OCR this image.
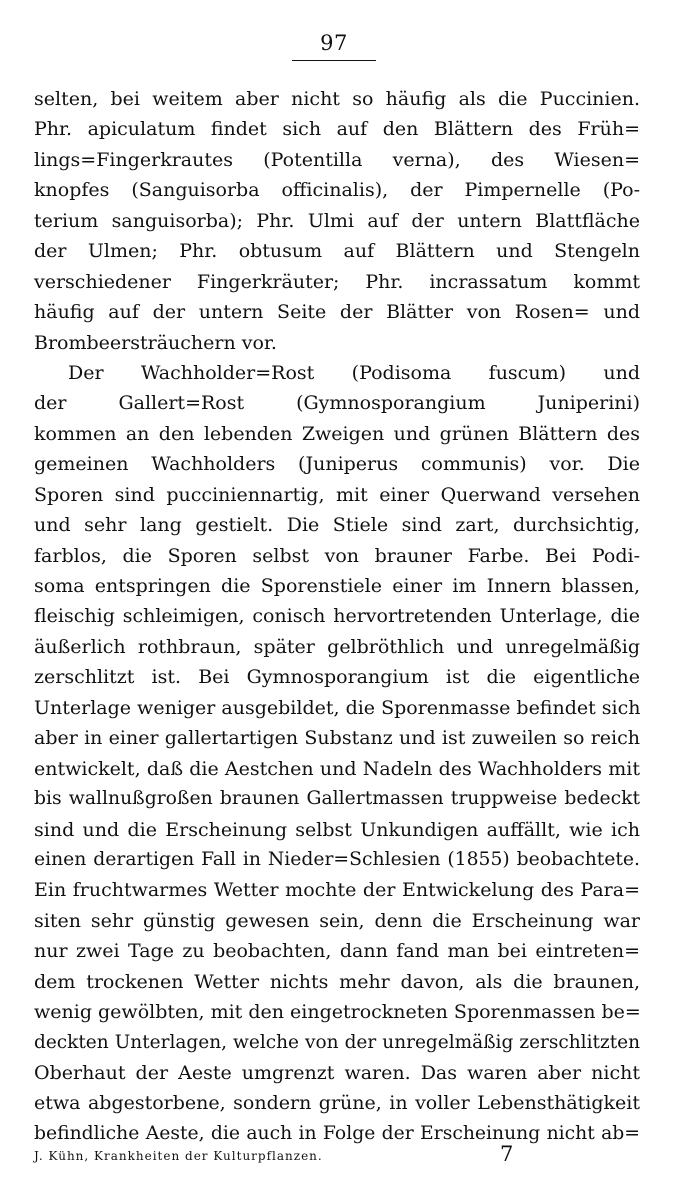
97
selten, bei weitem aber nicht so häufig als die Puccinien.
Phr. apiculatum findet sich auf den Blättern des Früh=
lings=Fingerkrautes (Potentilla verna), des Wiesen=
knopfes (Sanguisorba officinalis), der Pimpernelle (Po-
terium sanguisorba); Phr. Ulmi auf der untern Blattfläche
der Ulmen; Phr. obtusum auf Blättern und Stengeln
verschiedener Fingerkräuter; Phr. incrassatum kommt
häufig auf der untern Seite der Blätter von Rosen= und
Brombeersträuchern vor.
Der Wachholder=Rost (Podisoma fuscum) und
der Gallert=Rost (Gymnosporangium Juniperini)
kommen an den lebenden Zweigen und grünen Blättern des
gemeinen Wachholders (Juniperus communis) vor. Die
Sporen sind pucciniennartig, mit einer Querwand versehen
und sehr lang gestielt. Die Stiele sind zart, durchsichtig,
farblos, die Sporen selbst von brauner Farbe. Bei Podi-
soma entspringen die Sporenstiele einer im Innern blassen,
fleischig schleimigen, conisch hervortretenden Unterlage, die
äußerlich rothbraun, später gelbröthlich und unregelmäßig
zerschlitzt ist. Bei Gymnosporangium ist die eigentliche
Unterlage weniger ausgebildet, die Sporenmasse befindet sich
aber in einer gallertartigen Substanz und ist zuweilen so reich
entwickelt, daß die Aestchen und Nadeln des Wachholders mit
bis wallnußgroßen braunen Gallertmassen truppweise bedeckt
sind und die Erscheinung selbst Unkundigen auffällt, wie ich
einen derartigen Fall in Nieder=Schlesien (1855) beobachtete.
Ein fruchtwarmes Wetter mochte der Entwickelung des Para=
siten sehr günstig gewesen sein, denn die Erscheinung war
nur zwei Tage zu beobachten, dann fand man bei eintreten=
dem trockenen Wetter nichts mehr davon, als die braunen,
wenig gewölbten, mit den eingetrockneten Sporenmassen be=
deckten Unterlagen, welche von der unregelmäßig zerschlitzten
Oberhaut der Aeste umgrenzt waren. Das waren aber nicht
etwa abgestorbene, sondern grüne, in voller Lebensthätigkeit
befindliche Aeste, die auch in Folge der Erscheinung nicht ab=
J. Kühn, Krankheiten der Kulturpflanzen.	7
